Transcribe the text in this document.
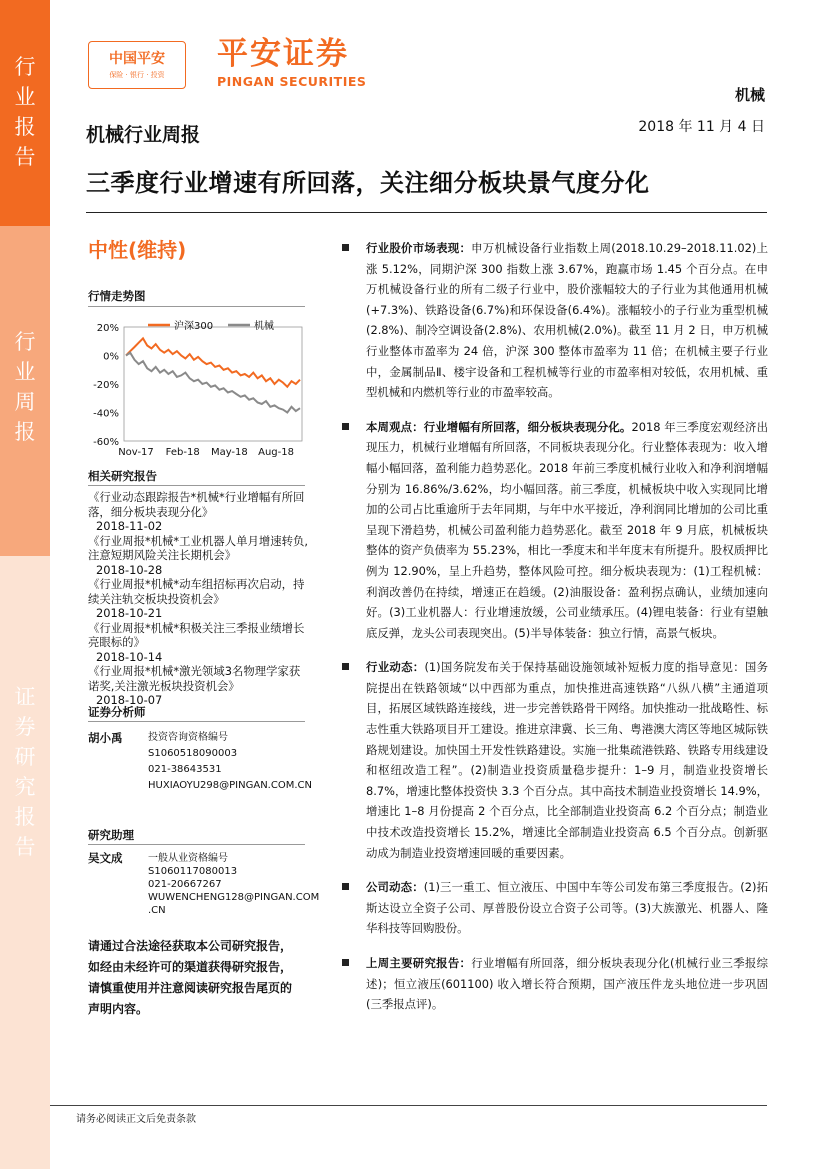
行
业
报
告
行
业
周
报
证
券
研
究
报
告
中国平安
保险 · 银行 · 投资
平安证券
PINGAN SECURITIES
机械
机械行业周报	2018 年 11 月 4 日
三季度行业增速有所回落，关注细分板块景气度分化
中性(维持)
行情走势图
20%
0%
-20%
-40%
-60%
Nov-17 Feb-18 May-18 Aug-18
沪深300	机械
相关研究报告
《行业动态跟踪报告*机械*行业增幅有所回落，细分板块表现分化》
2018-11-02
《行业周报*机械*工业机器人单月增速转负,注意短期风险关注长期机会》
2018-10-28
《行业周报*机械*动车组招标再次启动，持续关注轨交板块投资机会》
2018-10-21
《行业周报*机械*积极关注三季报业绩增长亮眼标的》
2018-10-14
《行业周报*机械*激光领域3名物理学家获诺奖,关注激光板块投资机会》
2018-10-07
证券分析师
胡小禹	投资咨询资格编号
S1060518090003
021-38643531
HUXIAOYU298@PINGAN.COM.CN
研究助理
吴文成	一般从业资格编号
S1060117080013
021-20667267
WUWENCHENG128@PINGAN.COM
.CN
请通过合法途径获取本公司研究报告，如经由未经许可的渠道获得研究报告，请慎重使用并注意阅读研究报告尾页的声明内容。
行业股价市场表现：申万机械设备行业指数上周(2018.10.29–2018.11.02)上涨 5.12%，同期沪深 300 指数上涨 3.67%，跑赢市场 1.45 个百分点。在申万机械设备行业的所有二级子行业中，股价涨幅较大的子行业为其他通用机械(+7.3%)、铁路设备(6.7%)和环保设备(6.4%)。涨幅较小的子行业为重型机械(2.8%)、制冷空调设备(2.8%)、农用机械(2.0%)。截至 11 月 2 日，申万机械行业整体市盈率为 24 倍，沪深 300 整体市盈率为 11 倍；在机械主要子行业中，金属制品Ⅱ、楼宇设备和工程机械等行业的市盈率相对较低，农用机械、重型机械和内燃机等行业的市盈率较高。
本周观点：行业增幅有所回落，细分板块表现分化。2018 年三季度宏观经济出现压力，机械行业增幅有所回落，不同板块表现分化。行业整体表现为：收入增幅小幅回落，盈利能力趋势恶化。2018 年前三季度机械行业收入和净利润增幅分别为 16.86%/3.62%，均小幅回落。前三季度，机械板块中收入实现同比增加的公司占比重逾所于去年同期，与年中水平接近，净利润同比增加的公司比重呈现下滑趋势，机械公司盈利能力趋势恶化。截至 2018 年 9 月底，机械板块整体的资产负债率为 55.23%，相比一季度末和半年度末有所提升。股权质押比例为 12.90%，呈上升趋势，整体风险可控。细分板块表现为：(1)工程机械：利润改善仍在持续，增速正在趋缓。(2)油服设备：盈利拐点确认，业绩加速向好。(3)工业机器人：行业增速放缓，公司业绩承压。(4)锂电装备：行业有望触底反弹，龙头公司表现突出。(5)半导体装备：独立行情，高景气板块。
行业动态：(1)国务院发布关于保持基础设施领域补短板力度的指导意见：国务院提出在铁路领域“以中西部为重点，加快推进高速铁路“八纵八横”主通道项目，拓展区域铁路连接线，进一步完善铁路骨干网络。加快推动一批战略性、标志性重大铁路项目开工建设。推进京津冀、长三角、粤港澳大湾区等地区城际铁路规划建设。加快国土开发性铁路建设。实施一批集疏港铁路、铁路专用线建设和枢纽改造工程”。(2)制造业投资质量稳步提升：1–9 月，制造业投资增长 8.7%，增速比整体投资快 3.3 个百分点。其中高技术制造业投资增长 14.9%，增速比 1–8 月份提高 2 个百分点，比全部制造业投资高 6.2 个百分点；制造业中技术改造投资增长 15.2%，增速比全部制造业投资高 6.5 个百分点。创新驱动成为制造业投资增速回暖的重要因素。
公司动态：(1)三一重工、恒立液压、中国中车等公司发布第三季度报告。(2)拓斯达设立全资子公司、厚普股份设立合资子公司等。(3)大族激光、机器人、隆华科技等回购股份。
上周主要研究报告：行业增幅有所回落，细分板块表现分化(机械行业三季报综述)；恒立液压(601100) 收入增长符合预期，国产液压件龙头地位进一步巩固(三季报点评)。
请务必阅读正文后免责条款
